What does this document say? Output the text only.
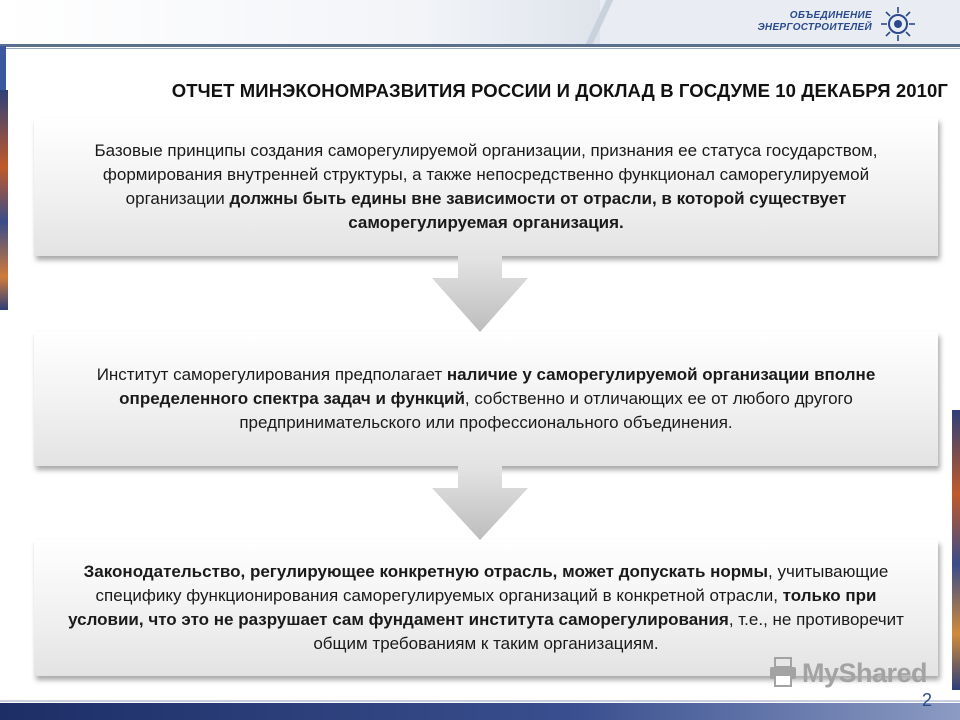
ОБЪЕДИНЕНИЕ
ЭНЕРГОСТРОИТЕЛЕЙ
ОТЧЕТ МИНЭКОНОМРАЗВИТИЯ РОССИИ И ДОКЛАД В ГОСДУМЕ 10 ДЕКАБРЯ 2010Г

Базовые принципы создания саморегулируемой организации, признания ее статуса государством, формирования внутренней структуры, а также непосредственно функционал саморегулируемой организации должны быть едины вне зависимости от отрасли, в которой существует саморегулируемая организация.

Институт саморегулирования предполагает наличие у саморегулируемой организации вполне определенного спектра задач и функций, собственно и отличающих ее от любого другого предпринимательского или профессионального объединения.

Законодательство, регулирующее конкретную отрасль, может допускать нормы, учитывающие специфику функционирования саморегулируемых организаций в конкретной отрасли, только при условии, что это не разрушает сам фундамент института саморегулирования, т.е., не противоречит общим требованиям к таким организациям.

MyShared
2
